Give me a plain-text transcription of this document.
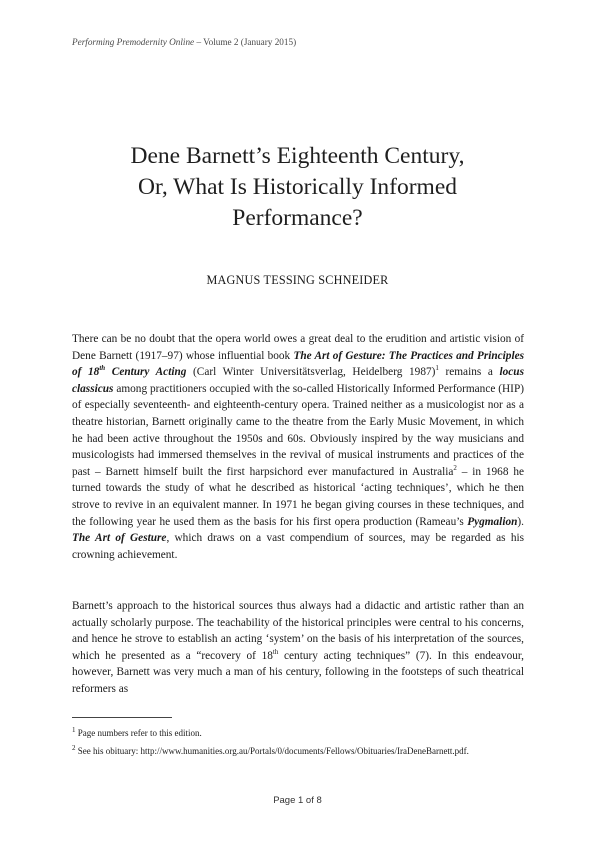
Performing Premodernity Online – Volume 2 (January 2015)
Dene Barnett’s Eighteenth Century,
Or, What Is Historically Informed
Performance?
MAGNUS TESSING SCHNEIDER
There can be no doubt that the opera world owes a great deal to the erudition and artistic vision of Dene Barnett (1917–97) whose influential book The Art of Gesture: The Practices and Principles of 18th Century Acting (Carl Winter Universitätsverlag, Heidelberg 1987)$^1$ remains a locus classicus among practitioners occupied with the so-called Historically Informed Performance (HIP) of especially seventeenth- and eighteenth-century opera. Trained neither as a musicologist nor as a theatre historian, Barnett originally came to the theatre from the Early Music Movement, in which he had been active throughout the 1950s and 60s. Obviously inspired by the way musicians and musicologists had immersed themselves in the revival of musical instruments and practices of the past – Barnett himself built the first harpsichord ever manufactured in Australia$^2$ – in 1968 he turned towards the study of what he described as historical ‘acting techniques’, which he then strove to revive in an equivalent manner. In 1971 he began giving courses in these techniques, and the following year he used them as the basis for his first opera production (Rameau’s Pygmalion). The Art of Gesture, which draws on a vast compendium of sources, may be regarded as his crowning achievement.
Barnett’s approach to the historical sources thus always had a didactic and artistic rather than an actually scholarly purpose. The teachability of the historical principles were central to his concerns, and hence he strove to establish an acting ‘system’ on the basis of his interpretation of the sources, which he presented as a “recovery of 18th century acting techniques” (7). In this endeavour, however, Barnett was very much a man of his century, following in the footsteps of such theatrical reformers as
$^1$ Page numbers refer to this edition.
$^2$ See his obituary: http://www.humanities.org.au/Portals/0/documents/Fellows/Obituaries/IraDeneBarnett.pdf.
Page 1 of 8
